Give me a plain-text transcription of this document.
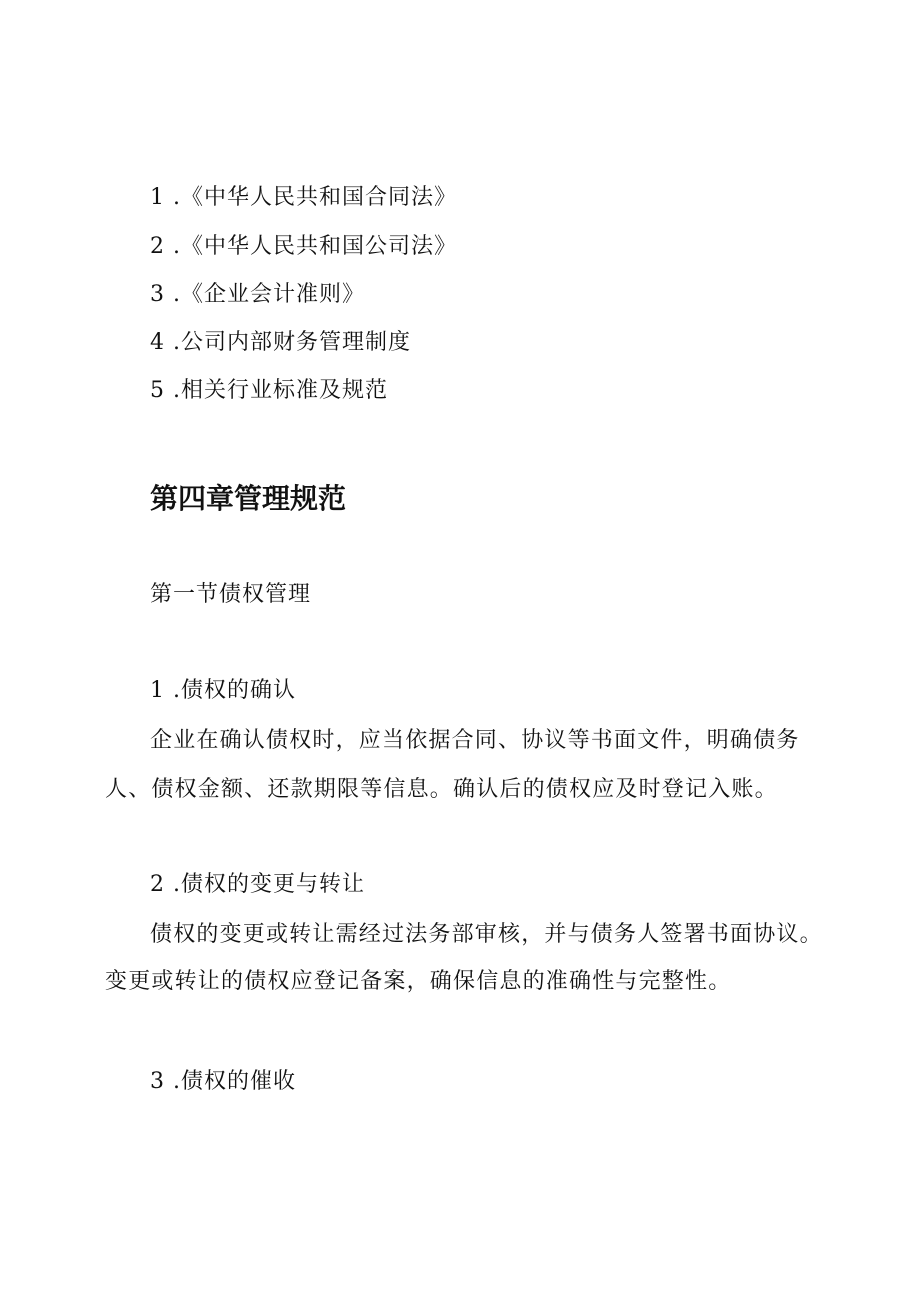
1 .《中华人民共和国合同法》
2 .《中华人民共和国公司法》
3 .《企业会计准则》
4 .公司内部财务管理制度
5 .相关行业标准及规范
第四章管理规范
第一节债权管理
1 .债权的确认
企业在确认债权时，应当依据合同、协议等书面文件，明确债务
人、债权金额、还款期限等信息。确认后的债权应及时登记入账。
2 .债权的变更与转让
债权的变更或转让需经过法务部审核，并与债务人签署书面协议。
变更或转让的债权应登记备案，确保信息的准确性与完整性。
3 .债权的催收
